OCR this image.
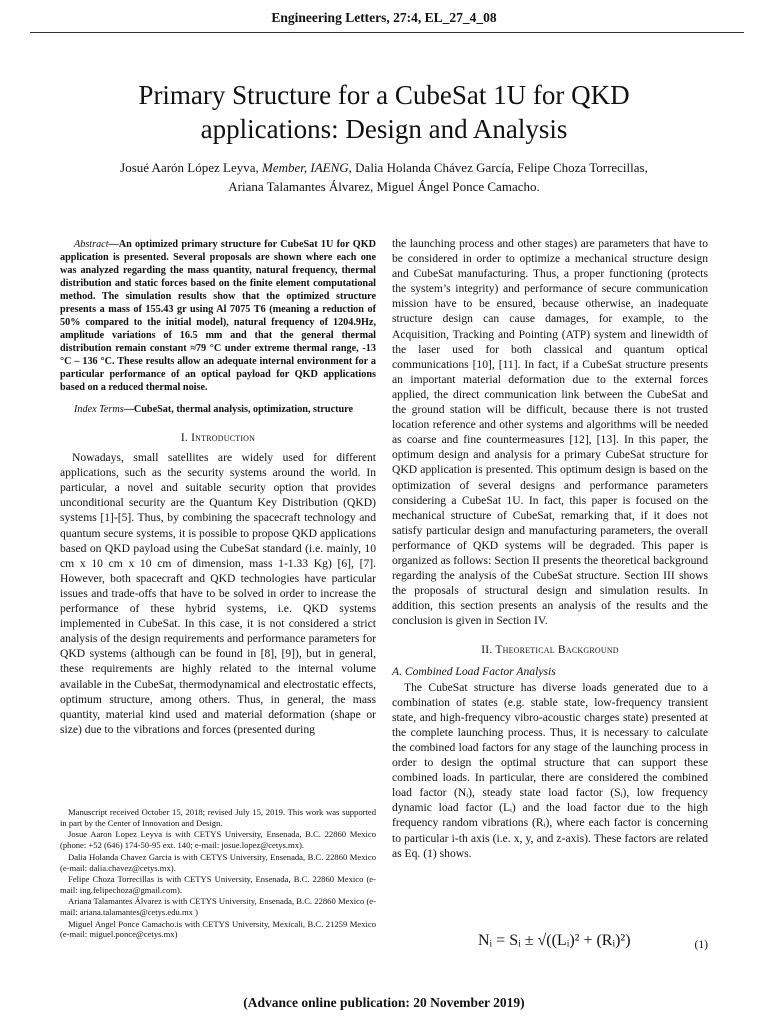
Engineering Letters, 27:4, EL_27_4_08
Primary Structure for a CubeSat 1U for QKD
applications: Design and Analysis
Josué Aarón López Leyva, Member, IAENG, Dalia Holanda Chávez García, Felipe Choza Torrecillas,
Ariana Talamantes Álvarez, Miguel Ángel Ponce Camacho.

Abstract—An optimized primary structure for CubeSat 1U for QKD application is presented. Several proposals are shown where each one was analyzed regarding the mass quantity, natural frequency, thermal distribution and static forces based on the finite element computational method. The simulation results show that the optimized structure presents a mass of 155.43 gr using Al 7075 T6 (meaning a reduction of 50% compared to the initial model), natural frequency of 1204.9Hz, amplitude variations of 16.5 mm and that the general thermal distribution remain constant ≈79 °C under extreme thermal range, -13 °C – 136 °C. These results allow an adequate internal environment for a particular performance of an optical payload for QKD applications based on a reduced thermal noise.

Index Terms—CubeSat, thermal analysis, optimization, structure

I. Introduction

Nowadays, small satellites are widely used for different applications, such as the security systems around the world. In particular, a novel and suitable security option that provides unconditional security are the Quantum Key Distribution (QKD) systems [1]-[5]. Thus, by combining the spacecraft technology and quantum secure systems, it is possible to propose QKD applications based on QKD payload using the CubeSat standard (i.e. mainly, 10 cm x 10 cm x 10 cm of dimension, mass 1-1.33 Kg) [6], [7]. However, both spacecraft and QKD technologies have particular issues and trade-offs that have to be solved in order to increase the performance of these hybrid systems, i.e. QKD systems implemented in CubeSat. In this case, it is not considered a strict analysis of the design requirements and performance parameters for QKD systems (although can be found in [8], [9]), but in general, these requirements are highly related to the internal volume available in the CubeSat, thermodynamical and electrostatic effects, optimum structure, among others. Thus, in general, the mass quantity, material kind used and material deformation (shape or size) due to the vibrations and forces (presented during

Manuscript received October 15, 2018; revised July 15, 2019. This work was supported in part by the Center of Innovation and Design.

Josue Aaron Lopez Leyva is with CETYS University, Ensenada, B.C. 22860 Mexico (phone: +52 (646) 174-50-95 ext. 140; e-mail: josue.lopez@cetys.mx).

Dalia Holanda Chavez Garcia is with CETYS University, Ensenada, B.C. 22860 Mexico (e-mail: dalia.chavez@cetys.mx).

Felipe Choza Torrecillas is with CETYS University, Ensenada, B.C. 22860 Mexico (e-mail: ing.felipechoza@gmail.com).

Ariana Talamantes Álvarez is with CETYS University, Ensenada, B.C. 22860 Mexico (e-mail: ariana.talamantes@cetys.edu.mx )

Miguel Angel Ponce Camacho.is with CETYS University, Mexicali, B.C. 21259 Mexico (e-mail: miguel.ponce@cetys.mx)

the launching process and other stages) are parameters that have to be considered in order to optimize a mechanical structure design and CubeSat manufacturing. Thus, a proper functioning (protects the system’s integrity) and performance of secure communication mission have to be ensured, because otherwise, an inadequate structure design can cause damages, for example, to the Acquisition, Tracking and Pointing (ATP) system and linewidth of the laser used for both classical and quantum optical communications [10], [11]. In fact, if a CubeSat structure presents an important material deformation due to the external forces applied, the direct communication link between the CubeSat and the ground station will be difficult, because there is not trusted location reference and other systems and algorithms will be needed as coarse and fine countermeasures [12], [13]. In this paper, the optimum design and analysis for a primary CubeSat structure for QKD application is presented. This optimum design is based on the optimization of several designs and performance parameters considering a CubeSat 1U. In fact, this paper is focused on the mechanical structure of CubeSat, remarking that, if it does not satisfy particular design and manufacturing parameters, the overall performance of QKD systems will be degraded. This paper is organized as follows: Section II presents the theoretical background regarding the analysis of the CubeSat structure. Section III shows the proposals of structural design and simulation results. In addition, this section presents an analysis of the results and the conclusion is given in Section IV.

II. Theoretical Background
A. Combined Load Factor Analysis

The CubeSat structure has diverse loads generated due to a combination of states (e.g. stable state, low-frequency transient state, and high-frequency vibro-acoustic charges state) presented at the complete launching process. Thus, it is necessary to calculate the combined load factors for any stage of the launching process in order to design the optimal structure that can support these combined loads. In particular, there are considered the combined load factor (Nᵢ), steady state load factor (Sᵢ), low frequency dynamic load factor (Lᵢ) and the load factor due to the high frequency random vibrations (Rᵢ), where each factor is concerning to particular i-th axis (i.e. x, y, and z-axis). These factors are related as Eq. (1) shows.

Nᵢ = Sᵢ ± √((Lᵢ)² + (Rᵢ)²)	(1)
(Advance online publication: 20 November 2019)
